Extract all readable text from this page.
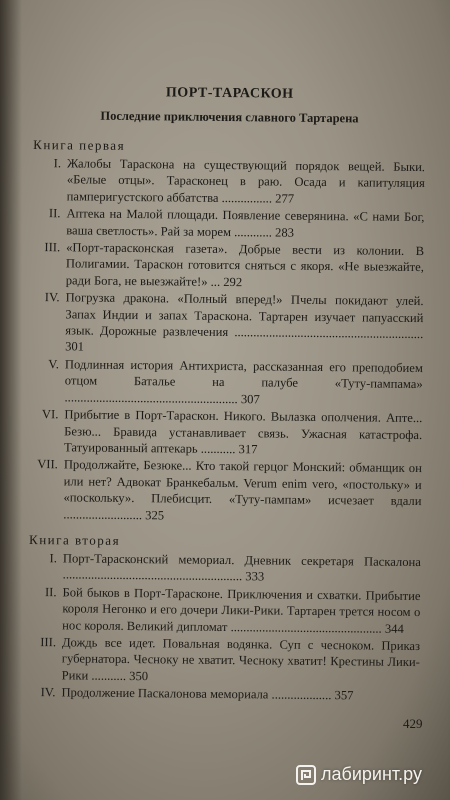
ПОРТ-ТАРАСКОН
Последние приключения славного Тартарена
Книга первая
I. Жалобы Тараскона на существующий порядок вещей. Быки. «Белые отцы». Тарасконец в раю. Осада и капитуляция памперигустского аббатства ................ 277
II. Аптека на Малой площади. Появление северянина. «С нами Бог, ваша светлость». Рай за морем ............ 283
III. «Порт-тарасконская газета». Добрые вести из колонии. В Полигамии. Тараскон готовится сняться с якоря. «Не выезжайте, ради Бога, не выезжайте!» ... 292
IV. Погрузка дракона. «Полный вперед!» Пчелы покидают улей. Запах Индии и запах Тараскона. Тартарен изучает папуасский язык. Дорожные развлечения ............................................................ 301
V. Подлинная история Антихриста, рассказанная его преподобием отцом Баталье на палубе «Туту-пампама» ....................................................... 307
VI. Прибытие в Порт-Тараскон. Никого. Вылазка ополчения. Апте... Безю... Бравида устанавливает связь. Ужасная катастрофа. Татуированный аптекарь ........... 317
VII. Продолжайте, Безюке... Кто такой герцог Монский: обманщик он или нет? Адвокат Бранкебальм. Verum enim vero, «постольку» и «поскольку». Плебисцит. «Туту-пампам» исчезает вдали ......................... 325
Книга вторая
I. Порт-Тарасконский мемориал. Дневник секретаря Паскалона ......................................................... 333
II. Бой быков в Порт-Тарасконе. Приключения и схватки. Прибытие короля Негонко и его дочери Лики-Рики. Тартарен трется носом о нос короля. Великий дипломат ................................................ 344
III. Дождь все идет. Повальная водянка. Суп с чесноком. Приказ губернатора. Чесноку не хватит. Чесноку хватит! Крестины Лики-Рики ........... 350
IV. Продолжение Паскалонова мемориала ................... 357
429
лабиринт.ру
